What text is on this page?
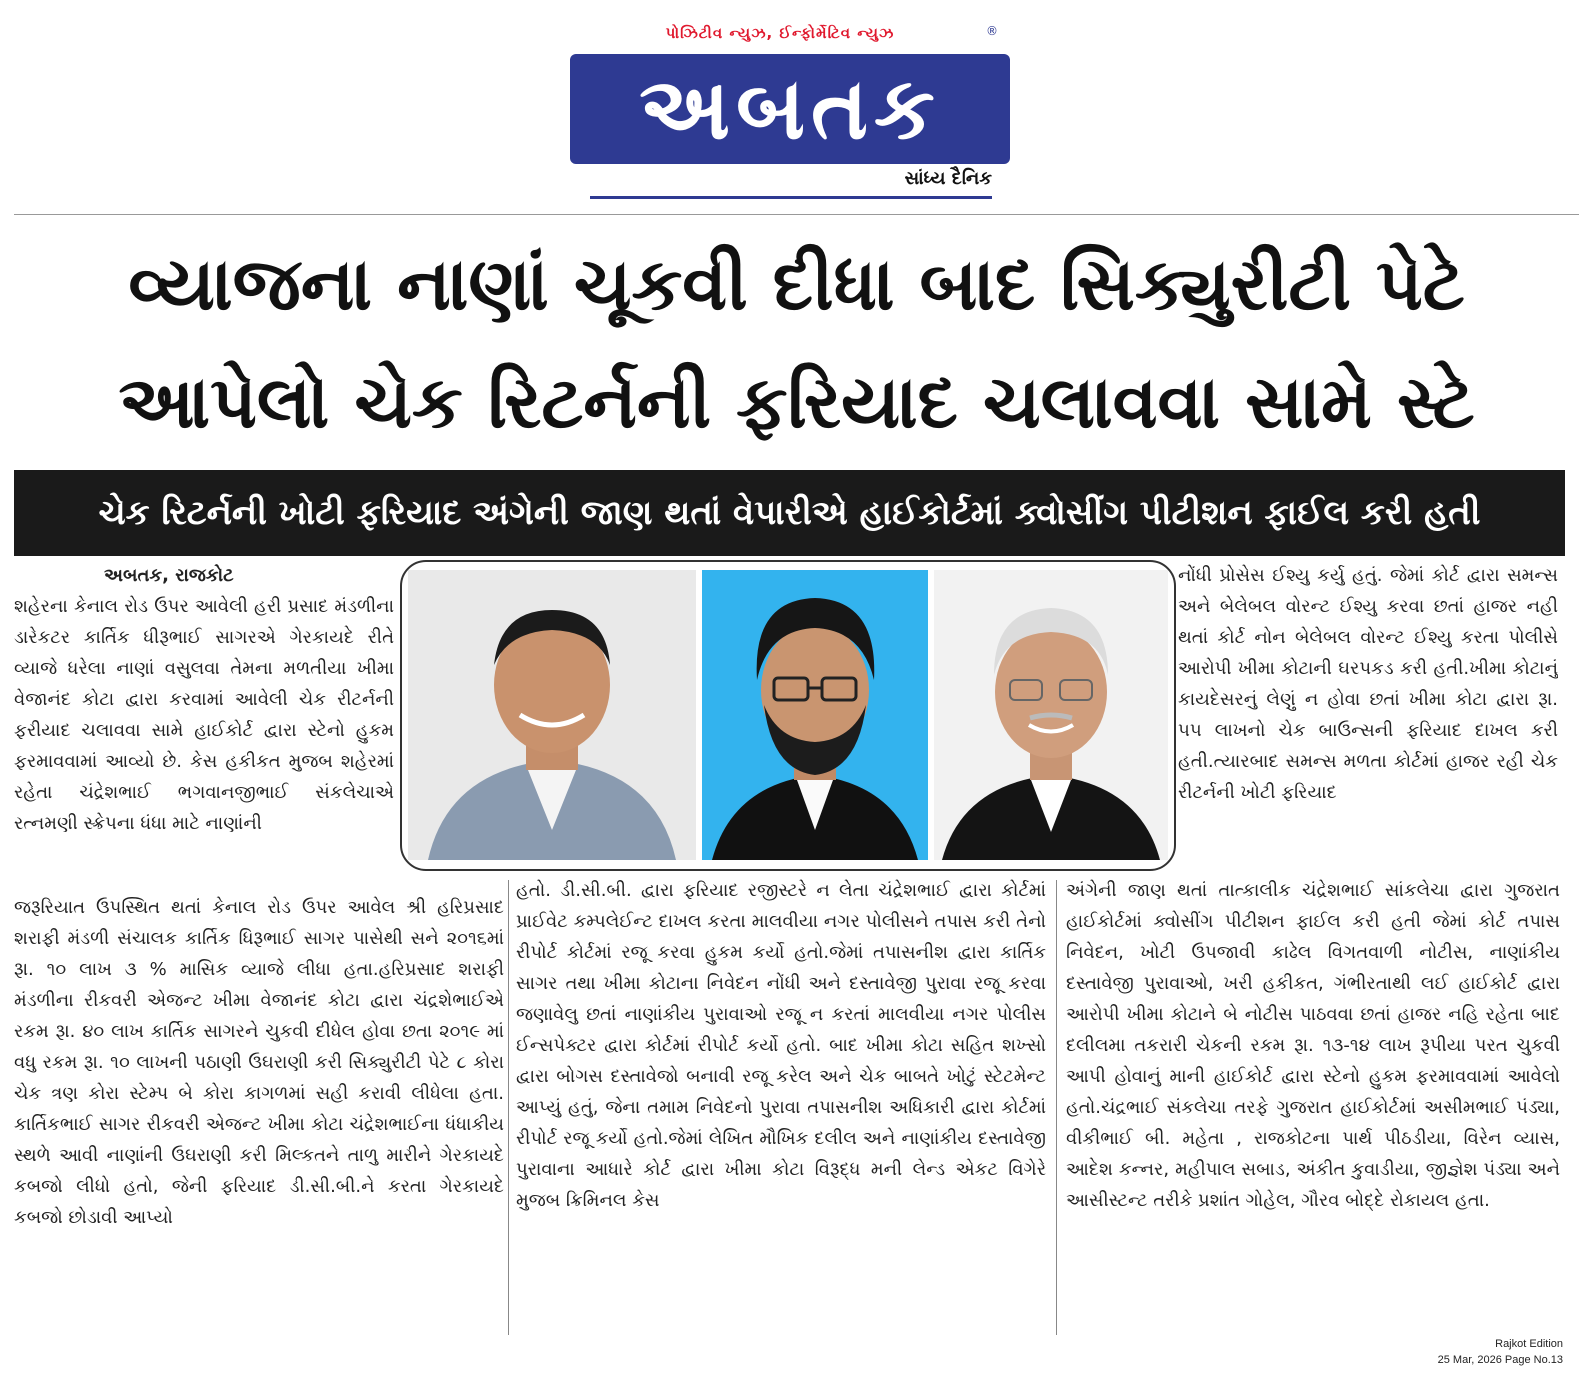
પોઝિટીવ ન્યુઝ, ઈન્ફોર્મેટિવ ન્યુઝ	®
અબતક
સાંધ્ય દૈનિક
વ્યાજના નાણાં ચૂકવી દીધા બાદ સિક્યુરીટી પેટે
આપેલો ચેક રિટર્નની ફરિયાદ ચલાવવા સામે સ્ટે
ચેક રિટર્નની ખોટી ફરિયાદ અંગેની જાણ થતાં વેપારીએ હાઈકોર્ટમાં ક્વોસીંગ પીટીશન ફાઈલ કરી હતી

અબતક, રાજકોટ

શહેરના કેનાલ રોડ ઉપર આવેલી હરી પ્રસાદ મંડળીના ડારેકટર કાર્તિક ધીરૂભાઈ સાગરએ ગેરકાયદે રીતે વ્યાજે ધરેલા નાણાં વસુલવા તેમના મળતીયા ખીમા વેજાનંદ કોટા દ્વારા કરવામાં આવેલી ચેક રીટર્નની ફરીયાદ ચલાવવા સામે હાઈકોર્ટ દ્વારા સ્ટેનો હુકમ ફરમાવવામાં આવ્યો છે. કેસ હકીકત મુજબ શહેરમાં રહેતા ચંદ્રેશભાઈ ભગવાનજીભાઈ સંકલેચાએ રત્નમણી સ્ક્રેપના ધંધા માટે નાણાંની

જરૂરિયાત ઉપસ્થિત થતાં કેનાલ રોડ ઉપર આવેલ શ્રી હરિપ્રસાદ શરાફી મંડળી સંચાલક કાર્તિક ધિરૂભાઈ સાગર પાસેથી સને ૨૦૧૬માં રૂા. ૧૦ લાખ ૩ % માસિક વ્યાજે લીધા હતા.હરિપ્રસાદ શરાફી મંડળીના રીકવરી એજન્ટ ખીમા વેજાનંદ કોટા દ્વારા ચંદ્રશેભાઈએ રકમ રૂા. ૪૦ લાખ કાર્તિક સાગરને ચુકવી દીધેલ હોવા છતા ૨૦૧૯ માં વધુ રકમ રૂા. ૧૦ લાખની પઠાણી ઉઘરાણી કરી સિક્યુરીટી પેટે ૮ કોરા ચેક ત્રણ કોરા સ્ટેમ્પ બે કોરા કાગળમાં સહી કરાવી લીધેલા હતા. કાર્તિકભાઈ સાગર રીકવરી એજન્ટ ખીમા કોટા ચંદ્રેશભાઈના ધંધાકીય સ્થળે આવી નાણાંની ઉઘરાણી કરી મિલ્કતને તાળુ મારીને ગેરકાયદે કબજો લીધો હતો, જેની ફરિયાદ ડી.સી.બી.ને કરતા ગેરકાયદે કબજો છોડાવી આપ્યો

હતો. ડી.સી.બી. દ્વારા ફરિયાદ રજીસ્ટરે ન લેતા ચંદ્રેશભાઈ દ્વારા કોર્ટમાં પ્રાઈવેટ કમ્પલેઈન્ટ દાખલ કરતા માલવીયા નગર પોલીસને તપાસ કરી તેનો રીપોર્ટ કોર્ટમાં રજૂ કરવા હુકમ કર્યો હતો.જેમાં તપાસનીશ દ્વારા કાર્તિક સાગર તથા ખીમા કોટાના નિવેદન નોંધી અને દસ્તાવેજી પુરાવા રજૂ કરવા જણાવેલુ છતાં નાણાંકીય પુરાવાઓ રજૂ ન કરતાં માલવીયા નગર પોલીસ ઈન્સપેક્ટર દ્વારા કોર્ટમાં રીપોર્ટ કર્યો હતો. બાદ ખીમા કોટા સહિત શખ્સો દ્વારા બોગસ દસ્તાવેજો બનાવી રજૂ કરેલ અને ચેક બાબતે ખોટું સ્ટેટમેન્ટ આપ્યું હતું, જેના તમામ નિવેદનો પુરાવા તપાસનીશ અધિકારી દ્વારા કોર્ટમાં રીપોર્ટ રજૂ કર્યો હતો.જેમાં લેખિત મૌખિક દલીલ અને નાણાંકીય દસ્તાવેજી પુરાવાના આધારે કોર્ટ દ્વારા ખીમા કોટા વિરૂદ્ધ મની લેન્ડ એકટ વિગેરે મુજબ ક્રિમિનલ કેસ

નોંધી પ્રોસેસ ઈશ્યુ કર્યુ હતું. જેમાં કોર્ટ દ્વારા સમન્સ અને બેલેબલ વોરન્ટ ઈશ્યુ કરવા છતાં હાજર નહી થતાં કોર્ટ નોન બેલેબલ વોરન્ટ ઈશ્યુ કરતા પોલીસે આરોપી ખીમા કોટાની ઘરપકડ કરી હતી.ખીમા કોટાનું કાયદેસરનું લેણું ન હોવા છતાં ખીમા કોટા દ્વારા રૂા. ૫૫ લાખનો ચેક બાઉન્સની ફરિયાદ દાખલ કરી હતી.ત્યારબાદ સમન્સ મળતા કોર્ટમાં હાજર રહી ચેક રીટર્નની ખોટી ફરિયાદ

અંગેની જાણ થતાં તાત્કાલીક ચંદ્રેશભાઈ સાંકલેચા દ્વારા ગુજરાત હાઈકોર્ટમાં ક્વોસીંગ પીટીશન ફાઈલ કરી હતી જેમાં કોર્ટ તપાસ નિવેદન, ખોટી ઉપજાવી કાઢેલ વિગતવાળી નોટીસ, નાણાંકીય દસ્તાવેજી પુરાવાઓ, ખરી હકીકત, ગંભીરતાથી લઈ હાઈકોર્ટ દ્વારા આરોપી ખીમા કોટાને બે નોટીસ પાઠવવા છતાં હાજર નહિ રહેતા બાદ દલીલમા તકરારી ચેકની રકમ રૂા. ૧૩-૧૪ લાખ રૂપીયા પરત ચુકવી આપી હોવાનું માની હાઈકોર્ટ દ્વારા સ્ટેનો હુકમ ફરમાવવામાં આવેલો હતો.ચંદ્રભાઈ સંકલેચા તરફે ગુજરાત હાઈકોર્ટમાં અસીમભાઈ પંડ્યા, વીકીભાઈ બી. મહેતા , રાજકોટના પાર્થ પીઠડીયા, વિરેન વ્યાસ, આદેશ કન્નર, મહીપાલ સબાડ, અંકીત કુવાડીયા, જીજ્ઞેશ પંડ્યા અને આસીસ્ટન્ટ તરીકે પ્રશાંત ગોહેલ, ગૌરવ બોદ્દે રોકાયલ હતા.

Rajkot Edition
25 Mar, 2026 Page No.13
